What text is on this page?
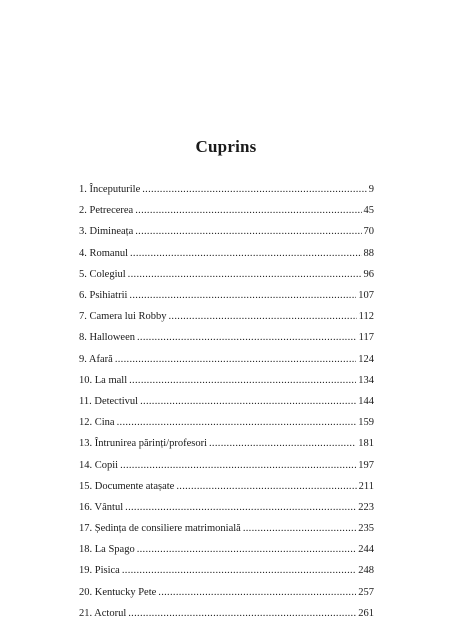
Cuprins
1. Începuturile .....	9
2. Petrecerea .....	45
3. Dimineața .....	70
4. Romanul .....	88
5. Colegiul .....	96
6. Psihiatrii .....	107
7. Camera lui Robby .....	112
8. Halloween .....	117
9. Afară .....	124
10. La mall .....	134
11. Detectivul .....	144
12. Cina .....	159
13. Întrunirea părinți/profesori .....	181
14. Copii .....	197
15. Documente atașate .....	211
16. Vântul .....	223
17. Ședința de consiliere matrimonială .....	235
18. La Spago .....	244
19. Pisica .....	248
20. Kentucky Pete .....	257
21. Actorul .....	261
